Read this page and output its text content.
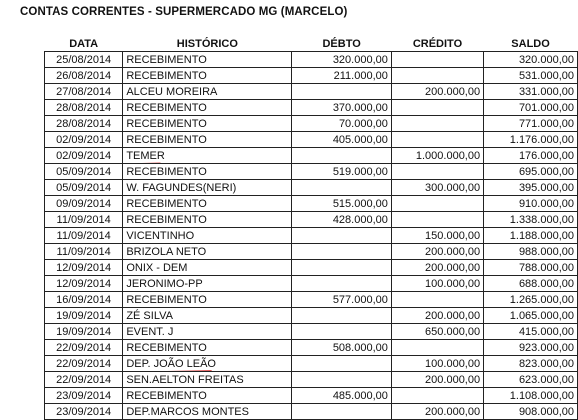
CONTAS CORRENTES - SUPERMERCADO MG (MARCELO)
DATA	HISTÓRICO	DÉBTO	CRÉDITO	SALDO
25/08/2014	RECEBIMENTO	320.000,00		320.000,00
26/08/2014	RECEBIMENTO	211.000,00		531.000,00
27/08/2014	ALCEU MOREIRA		200.000,00	331.000,00
28/08/2014	RECEBIMENTO	370.000,00		701.000,00
28/08/2014	RECEBIMENTO	70.000,00		771.000,00
02/09/2014	RECEBIMENTO	405.000,00		1.176.000,00
02/09/2014	TEMER		1.000.000,00	176.000,00
05/09/2014	RECEBIMENTO	519.000,00		695.000,00
05/09/2014	W. FAGUNDES(NERI)		300.000,00	395.000,00
09/09/2014	RECEBIMENTO	515.000,00		910.000,00
11/09/2014	RECEBIMENTO	428.000,00		1.338.000,00
11/09/2014	VICENTINHO		150.000,00	1.188.000,00
11/09/2014	BRIZOLA NETO		200.000,00	988.000,00
12/09/2014	ONIX - DEM		200.000,00	788.000,00
12/09/2014	JERONIMO-PP		100.000,00	688.000,00
16/09/2014	RECEBIMENTO	577.000,00		1.265.000,00
19/09/2014	ZÉ SILVA		200.000,00	1.065.000,00
19/09/2014	EVENT. J		650.000,00	415.000,00
22/09/2014	RECEBIMENTO	508.000,00		923.000,00
22/09/2014	DEP. JOÃO LEÃO		100.000,00	823.000,00
22/09/2014	SEN.AELTON FREITAS		200.000,00	623.000,00
23/09/2014	RECEBIMENTO	485.000,00		1.108.000,00
23/09/2014	DEP.MARCOS MONTES		200.000,00	908.000,00
